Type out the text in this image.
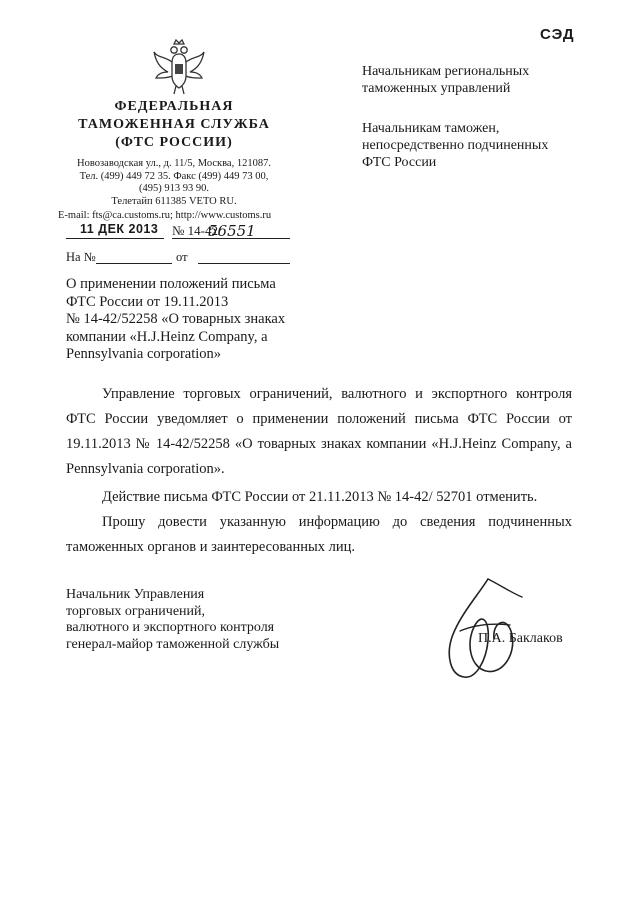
СЭД
ФЕДЕРАЛЬНАЯ
ТАМОЖЕННАЯ СЛУЖБА
(ФТС РОССИИ)
Новозаводская ул., д. 11/5, Москва, 121087.
Тел. (499) 449 72 35. Факс (499) 449 73 00,
(495) 913 93 90.
Телетайп 611385 VETO RU.
E-mail: fts@ca.customs.ru; http://www.customs.ru
11 ДЕК 2013 № 14-42/
56551
На №	от
Начальникам региональных
таможенных управлений
Начальникам таможен,
непосредственно подчиненных
ФТС России
О применении положений письма
ФТС России от 19.11.2013
№ 14-42/52258 «О товарных знаках
компании «H.J.Heinz Company, a
Pennsylvania corporation»
Управление торговых ограничений, валютного и экспортного контроля ФТС России уведомляет о применении положений письма ФТС России от 19.11.2013 № 14-42/52258 «О товарных знаках компании «H.J.Heinz Company, a Pennsylvania corporation».
Действие письма ФТС России от 21.11.2013 № 14-42/ 52701 отменить.
Прошу довести указанную информацию до сведения подчиненных таможенных органов и заинтересованных лиц.
Начальник Управления
торговых ограничений,
валютного и экспортного контроля
генерал-майор таможенной службы	П.А. Баклаков
